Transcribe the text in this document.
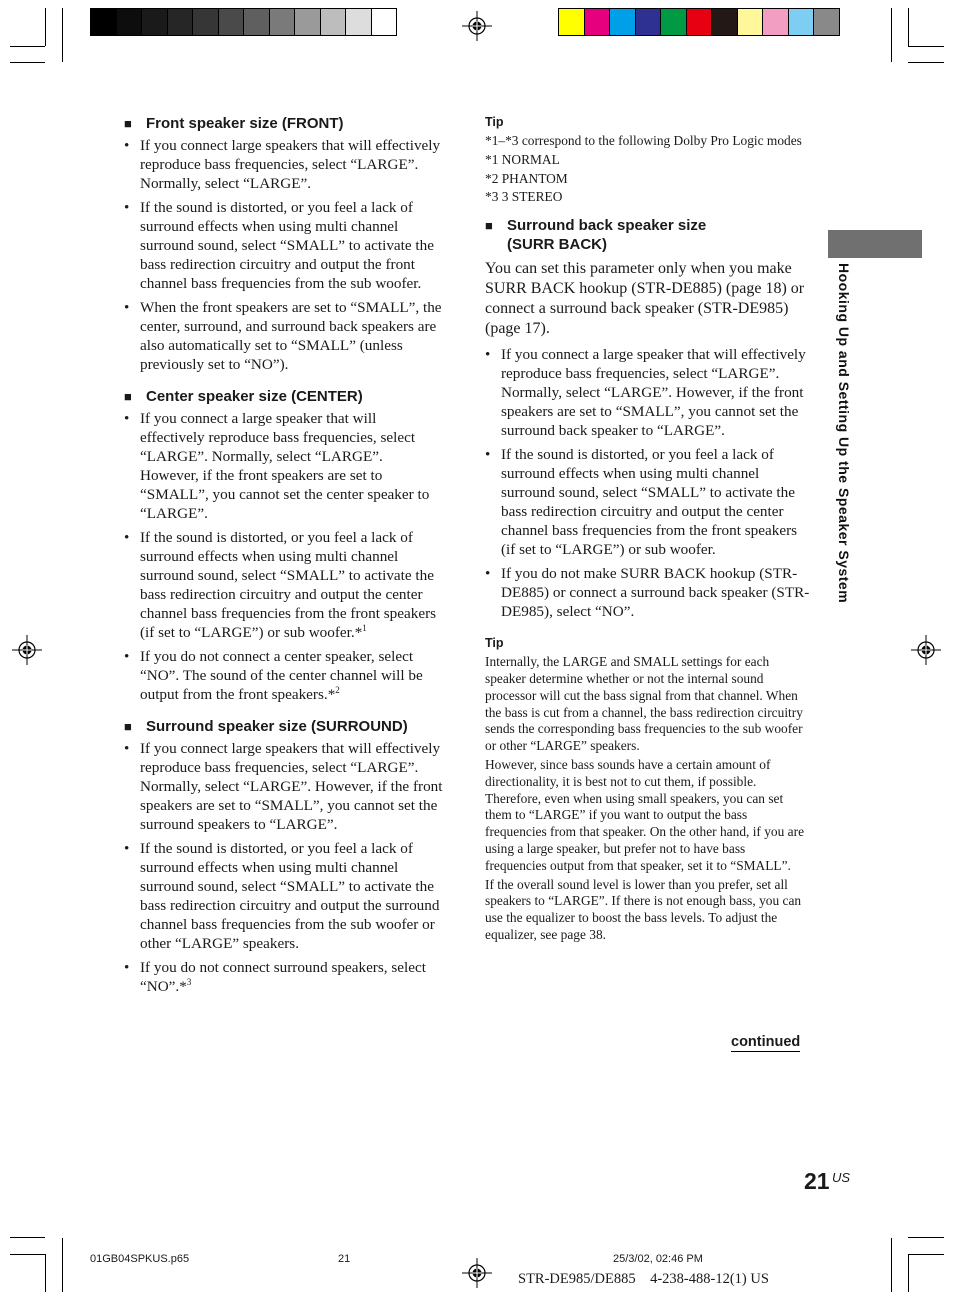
■ Front speaker size (FRONT)
• If you connect large speakers that will effectively reproduce bass frequencies, select “LARGE”. Normally, select “LARGE”.
• If the sound is distorted, or you feel a lack of surround effects when using multi channel surround sound, select “SMALL” to activate the bass redirection circuitry and output the front channel bass frequencies from the sub woofer.
• When the front speakers are set to “SMALL”, the center, surround, and surround back speakers are also automatically set to “SMALL” (unless previously set to “NO”).
■ Center speaker size (CENTER)
• If you connect a large speaker that will effectively reproduce bass frequencies, select “LARGE”. Normally, select “LARGE”. However, if the front speakers are set to “SMALL”, you cannot set the center speaker to “LARGE”.
• If the sound is distorted, or you feel a lack of surround effects when using multi channel surround sound, select “SMALL” to activate the bass redirection circuitry and output the center channel bass frequencies from the front speakers (if set to “LARGE”) or sub woofer.*$^1$
• If you do not connect a center speaker, select “NO”. The sound of the center channel will be output from the front speakers.*$^2$
■ Surround speaker size (SURROUND)
• If you connect large speakers that will effectively reproduce bass frequencies, select “LARGE”. Normally, select “LARGE”. However, if the front speakers are set to “SMALL”, you cannot set the surround speakers to “LARGE”.
• If the sound is distorted, or you feel a lack of surround effects when using multi channel surround sound, select “SMALL” to activate the bass redirection circuitry and output the surround channel bass frequencies from the sub woofer or other “LARGE” speakers.
• If you do not connect surround speakers, select “NO”.*$^3$
Tip
*1–*3 correspond to the following Dolby Pro Logic modes
*1 NORMAL
*2 PHANTOM
*3 3 STEREO
■ Surround back speaker size
(SURR BACK)
You can set this parameter only when you make SURR BACK hookup (STR-DE885) (page 18) or connect a surround back speaker (STR-DE985) (page 17).
• If you connect a large speaker that will effectively reproduce bass frequencies, select “LARGE”. Normally, select “LARGE”. However, if the front speakers are set to “SMALL”, you cannot set the surround back speaker to “LARGE”.
• If the sound is distorted, or you feel a lack of surround effects when using multi channel surround sound, select “SMALL” to activate the bass redirection circuitry and output the center channel bass frequencies from the front speakers (if set to “LARGE”) or sub woofer.
• If you do not make SURR BACK hookup (STR-DE885) or connect a surround back speaker (STR-DE985), select “NO”.
Tip
Internally, the LARGE and SMALL settings for each speaker determine whether or not the internal sound processor will cut the bass signal from that channel. When the bass is cut from a channel, the bass redirection circuitry sends the corresponding bass frequencies to the sub woofer or other “LARGE” speakers.
However, since bass sounds have a certain amount of directionality, it is best not to cut them, if possible. Therefore, even when using small speakers, you can set them to “LARGE” if you want to output the bass frequencies from that speaker. On the other hand, if you are using a large speaker, but prefer not to have bass frequencies output from that speaker, set it to “SMALL”.
If the overall sound level is lower than you prefer, set all speakers to “LARGE”. If there is not enough bass, you can use the equalizer to boost the bass levels. To adjust the equalizer, see page 38.
continued
Hooking Up and Setting Up the Speaker System
21 US
01GB04SPKUS.p65	21	25/3/02, 02:46 PM
STR-DE985/DE885    4-238-488-12(1) US
